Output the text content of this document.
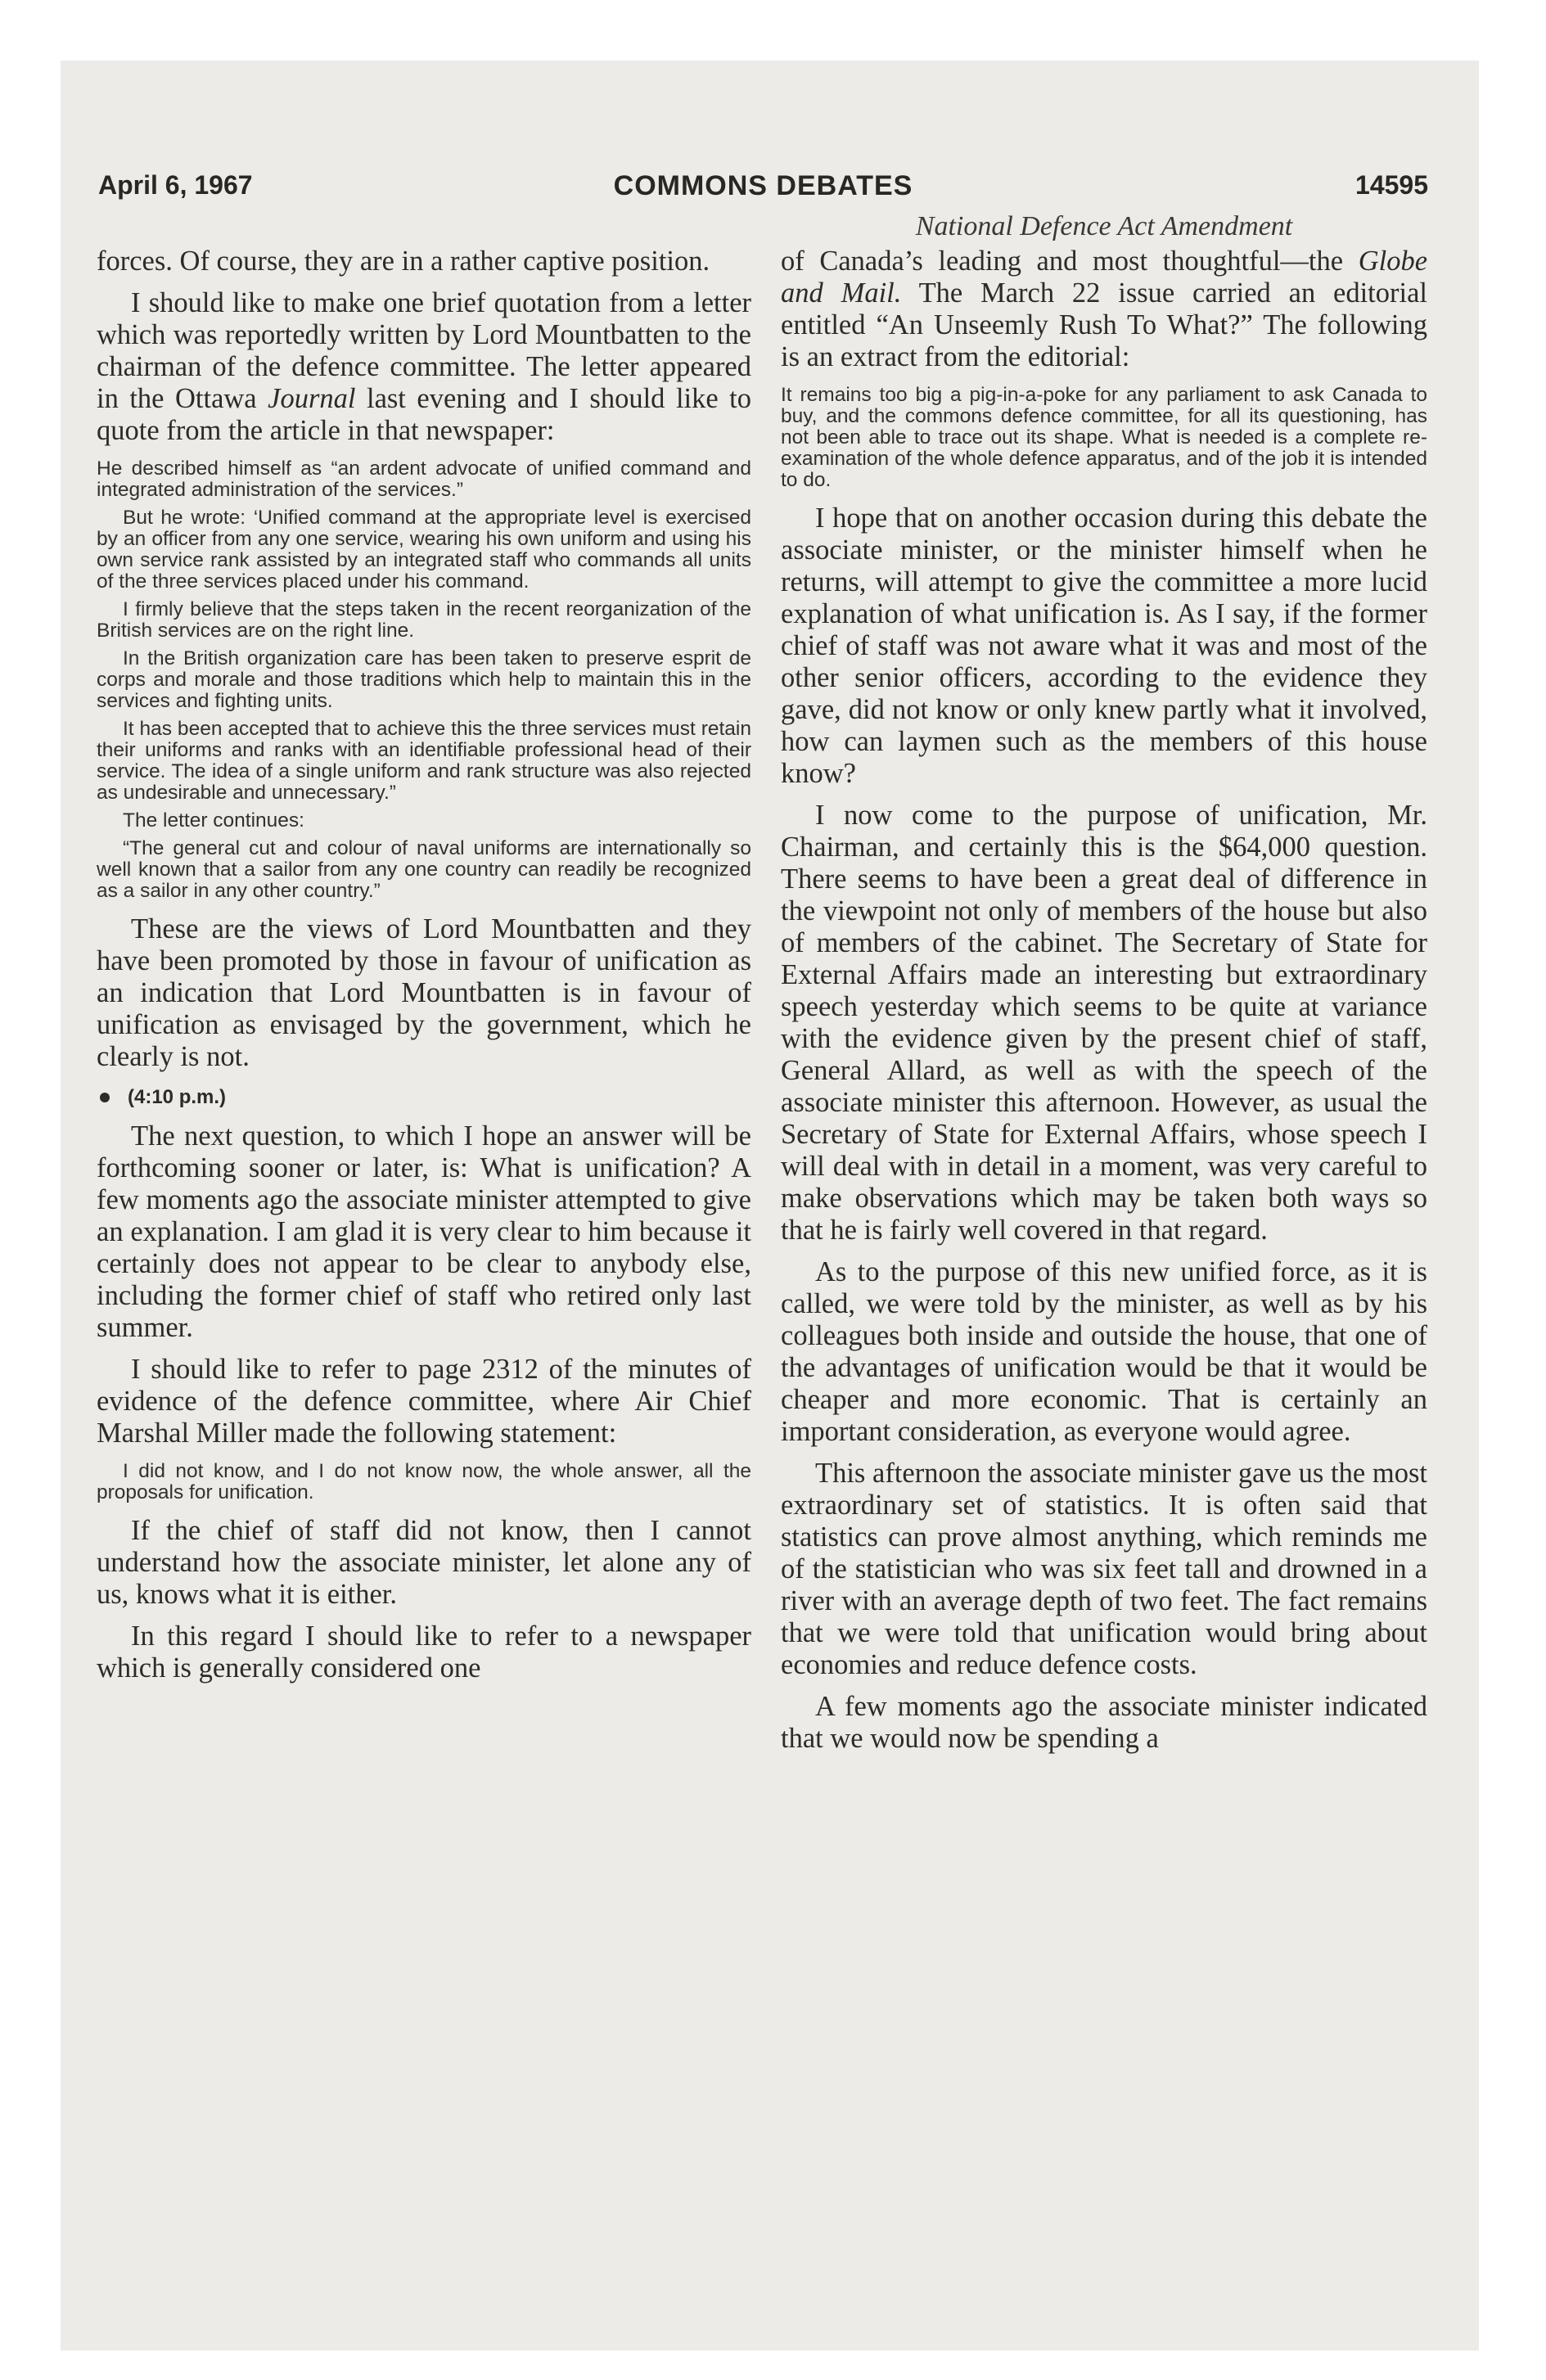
April 6, 1967	COMMONS DEBATES	14595
National Defence Act Amendment

forces. Of course, they are in a rather captive position.

I should like to make one brief quotation from a letter which was reportedly written by Lord Mountbatten to the chairman of the defence committee. The letter appeared in the Ottawa Journal last evening and I should like to quote from the article in that newspaper:

He described himself as “an ardent advocate of unified command and integrated administration of the services.”

But he wrote: ‘Unified command at the appropriate level is exercised by an officer from any one service, wearing his own uniform and using his own service rank assisted by an integrated staff who commands all units of the three services placed under his command.

I firmly believe that the steps taken in the recent reorganization of the British services are on the right line.

In the British organization care has been taken to preserve esprit de corps and morale and those traditions which help to maintain this in the services and fighting units.

It has been accepted that to achieve this the three services must retain their uniforms and ranks with an identifiable professional head of their service. The idea of a single uniform and rank structure was also rejected as undesirable and unnecessary.”

The letter continues:

“The general cut and colour of naval uniforms are internationally so well known that a sailor from any one country can readily be recognized as a sailor in any other country.”

These are the views of Lord Mountbatten and they have been promoted by those in favour of unification as an indication that Lord Mountbatten is in favour of unification as envisaged by the government, which he clearly is not.

(4:10 p.m.)

The next question, to which I hope an answer will be forthcoming sooner or later, is: What is unification? A few moments ago the associate minister attempted to give an explanation. I am glad it is very clear to him because it certainly does not appear to be clear to anybody else, including the former chief of staff who retired only last summer.

I should like to refer to page 2312 of the minutes of evidence of the defence committee, where Air Chief Marshal Miller made the following statement:

I did not know, and I do not know now, the whole answer, all the proposals for unification.

If the chief of staff did not know, then I cannot understand how the associate minister, let alone any of us, knows what it is either.

In this regard I should like to refer to a newspaper which is generally considered one

of Canada’s leading and most thoughtful—the Globe and Mail. The March 22 issue carried an editorial entitled “An Unseemly Rush To What?” The following is an extract from the editorial:

It remains too big a pig-in-a-poke for any parliament to ask Canada to buy, and the commons defence committee, for all its questioning, has not been able to trace out its shape. What is needed is a complete re-examination of the whole defence apparatus, and of the job it is intended to do.

I hope that on another occasion during this debate the associate minister, or the minister himself when he returns, will attempt to give the committee a more lucid explanation of what unification is. As I say, if the former chief of staff was not aware what it was and most of the other senior officers, according to the evidence they gave, did not know or only knew partly what it involved, how can laymen such as the members of this house know?

I now come to the purpose of unification, Mr. Chairman, and certainly this is the $64,000 question. There seems to have been a great deal of difference in the viewpoint not only of members of the house but also of members of the cabinet. The Secretary of State for External Affairs made an interesting but extraordinary speech yesterday which seems to be quite at variance with the evidence given by the present chief of staff, General Allard, as well as with the speech of the associate minister this afternoon. However, as usual the Secretary of State for External Affairs, whose speech I will deal with in detail in a moment, was very careful to make observations which may be taken both ways so that he is fairly well covered in that regard.

As to the purpose of this new unified force, as it is called, we were told by the minister, as well as by his colleagues both inside and outside the house, that one of the advantages of unification would be that it would be cheaper and more economic. That is certainly an important consideration, as everyone would agree.

This afternoon the associate minister gave us the most extraordinary set of statistics. It is often said that statistics can prove almost anything, which reminds me of the statistician who was six feet tall and drowned in a river with an average depth of two feet. The fact remains that we were told that unification would bring about economies and reduce defence costs.

A few moments ago the associate minister indicated that we would now be spending a
